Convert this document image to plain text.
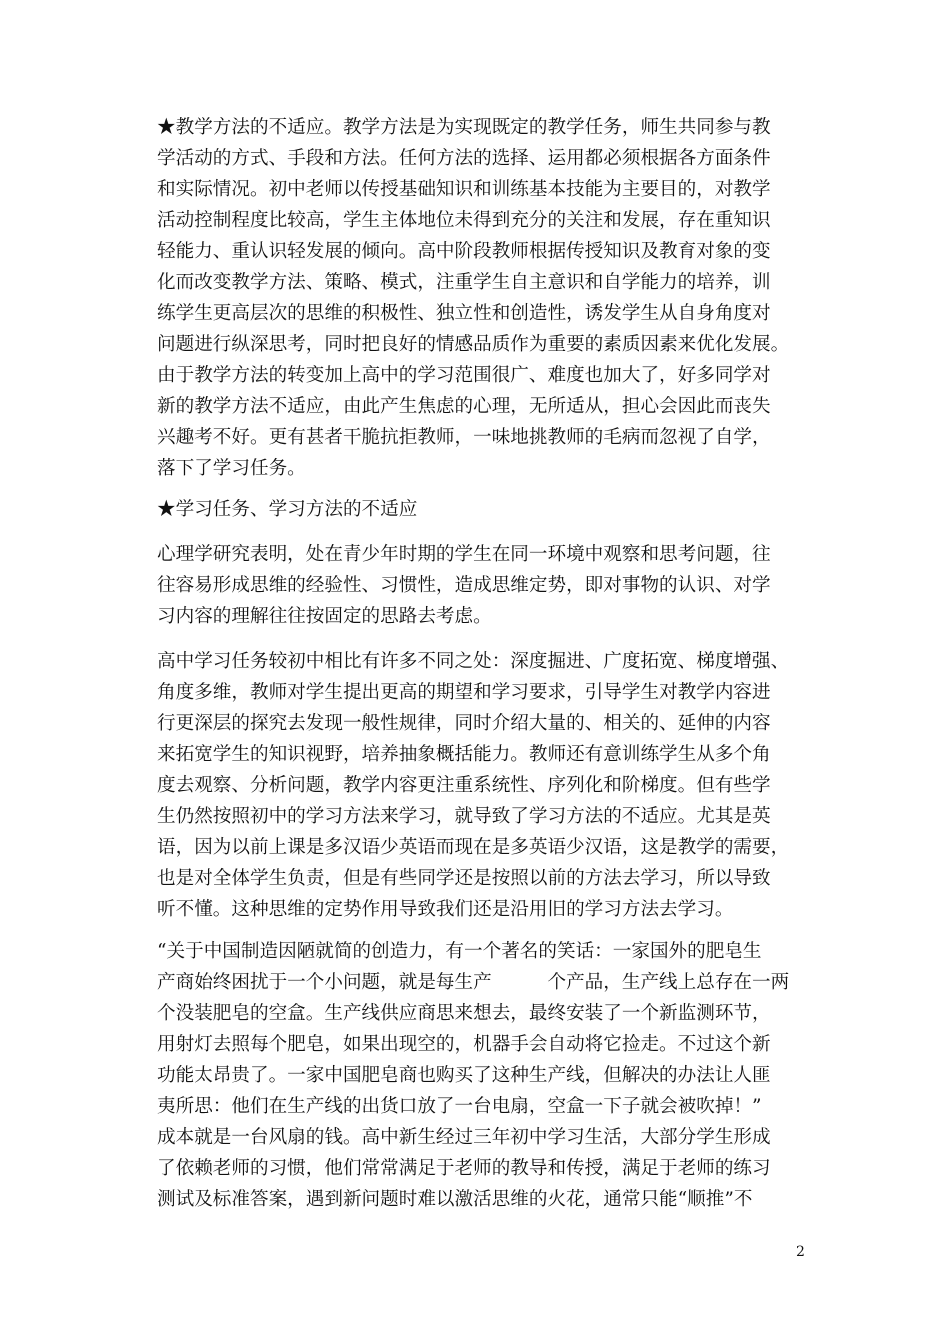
★教学方法的不适应。教学方法是为实现既定的教学任务，师生共同参与教
学活动的方式、手段和方法。任何方法的选择、运用都必须根据各方面条件
和实际情况。初中老师以传授基础知识和训练基本技能为主要目的，对教学
活动控制程度比较高，学生主体地位未得到充分的关注和发展，存在重知识
轻能力、重认识轻发展的倾向。高中阶段教师根据传授知识及教育对象的变
化而改变教学方法、策略、模式，注重学生自主意识和自学能力的培养，训
练学生更高层次的思维的积极性、独立性和创造性，诱发学生从自身角度对
问题进行纵深思考，同时把良好的情感品质作为重要的素质因素来优化发展。
由于教学方法的转变加上高中的学习范围很广、难度也加大了，好多同学对
新的教学方法不适应，由此产生焦虑的心理，无所适从，担心会因此而丧失
兴趣考不好。更有甚者干脆抗拒教师，一味地挑教师的毛病而忽视了自学，
落下了学习任务。

★学习任务、学习方法的不适应

心理学研究表明，处在青少年时期的学生在同一环境中观察和思考问题，往
往容易形成思维的经验性、习惯性，造成思维定势，即对事物的认识、对学
习内容的理解往往按固定的思路去考虑。

高中学习任务较初中相比有许多不同之处：深度掘进、广度拓宽、梯度增强、
角度多维，教师对学生提出更高的期望和学习要求，引导学生对教学内容进
行更深层的探究去发现一般性规律，同时介绍大量的、相关的、延伸的内容
来拓宽学生的知识视野，培养抽象概括能力。教师还有意训练学生从多个角
度去观察、分析问题，教学内容更注重系统性、序列化和阶梯度。但有些学
生仍然按照初中的学习方法来学习，就导致了学习方法的不适应。尤其是英
语，因为以前上课是多汉语少英语而现在是多英语少汉语，这是教学的需要，
也是对全体学生负责，但是有些同学还是按照以前的方法去学习，所以导致
听不懂。这种思维的定势作用导致我们还是沿用旧的学习方法去学习。

“关于中国制造因陋就简的创造力，有一个著名的笑话：一家国外的肥皂生
产商始终困扰于一个小问题，就是每生产　　　个产品，生产线上总存在一两
个没装肥皂的空盒。生产线供应商思来想去，最终安装了一个新监测环节，
用射灯去照每个肥皂，如果出现空的，机器手会自动将它捡走。不过这个新
功能太昂贵了。一家中国肥皂商也购买了这种生产线，但解决的办法让人匪
夷所思：他们在生产线的出货口放了一台电扇，空盒一下子就会被吹掉！”
成本就是一台风扇的钱。高中新生经过三年初中学习生活，大部分学生形成
了依赖老师的习惯，他们常常满足于老师的教导和传授，满足于老师的练习
测试及标准答案，遇到新问题时难以激活思维的火花，通常只能“顺推”不

2
